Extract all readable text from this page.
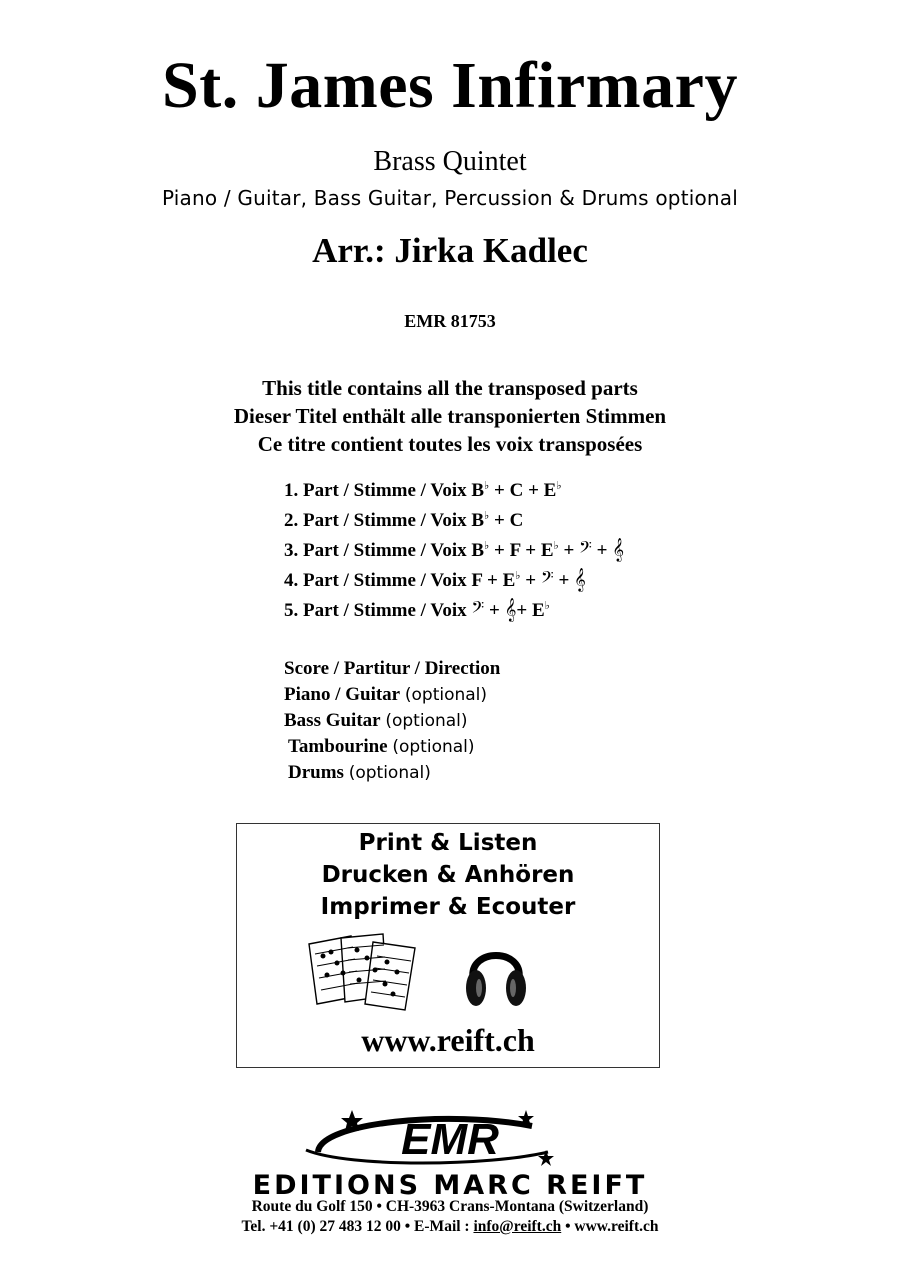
St. James Infirmary
Brass Quintet
Piano / Guitar, Bass Guitar, Percussion & Drums optional
Arr.: Jirka Kadlec
EMR 81753
This title contains all the transposed parts
Dieser Titel enthält alle transponierten Stimmen
Ce titre contient toutes les voix transposées
1. Part / Stimme / Voix B♭ + C + E♭
2. Part / Stimme / Voix B♭ + C
3. Part / Stimme / Voix B♭ + F + E♭ + 𝄢 + 𝄞
4. Part / Stimme / Voix F + E♭ + 𝄢 + 𝄞
5. Part / Stimme / Voix 𝄢 + 𝄞+ E♭
Score / Partitur / Direction
Piano / Guitar (optional)
Bass Guitar (optional)
Tambourine (optional)
Drums (optional)
Print & Listen
Drucken & Anhören
Imprimer & Ecouter
www.reift.ch
EMR
EDITIONS MARC REIFT
Route du Golf 150 • CH-3963 Crans-Montana (Switzerland)
Tel. +41 (0) 27 483 12 00 • E-Mail : info@reift.ch • www.reift.ch
